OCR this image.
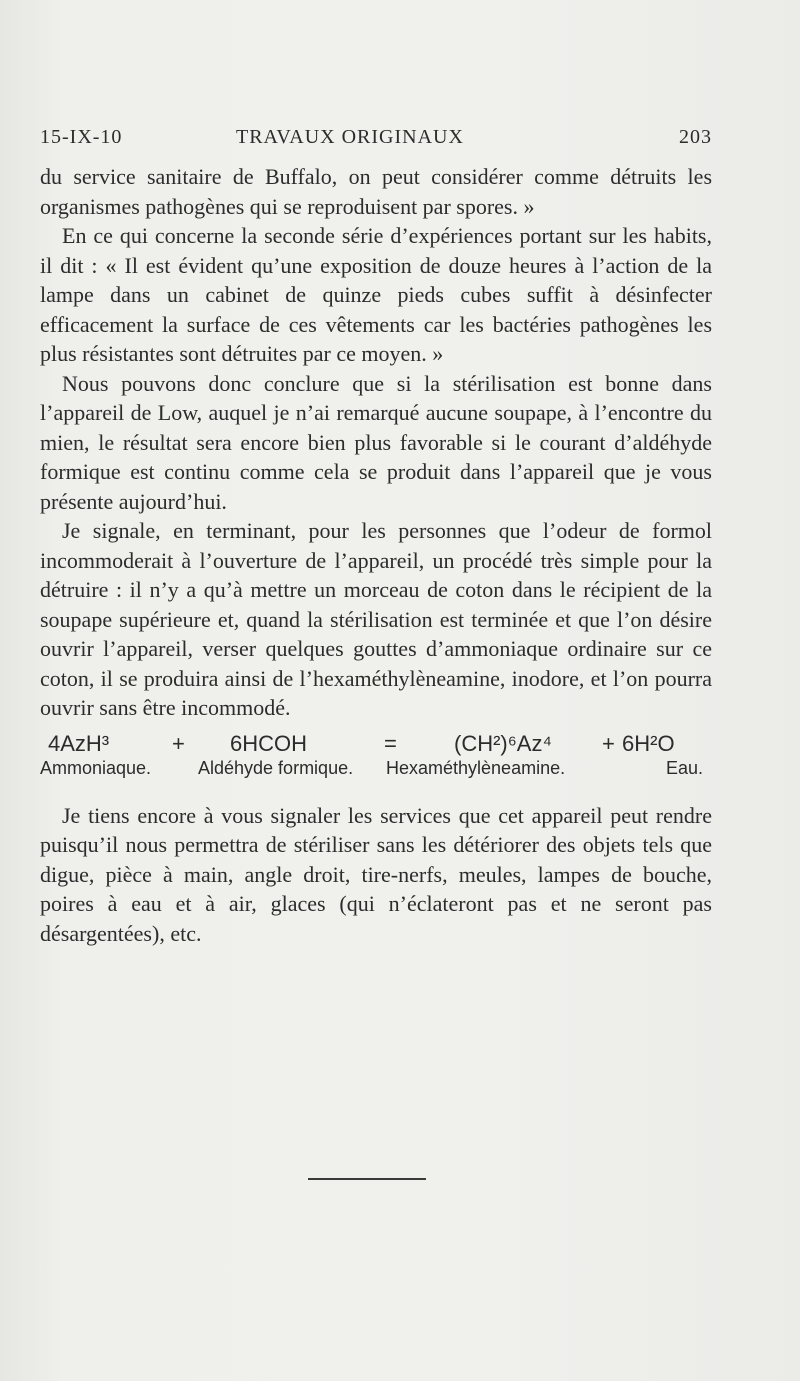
15-IX-10	TRAVAUX ORIGINAUX	203

du service sanitaire de Buffalo, on peut considérer comme détruits les organismes pathogènes qui se reproduisent par spores. »

En ce qui concerne la seconde série d’expériences portant sur les habits, il dit : « Il est évident qu’une exposition de douze heures à l’action de la lampe dans un cabinet de quinze pieds cubes suffit à désinfecter efficacement la surface de ces vêtements car les bactéries pathogènes les plus résistantes sont détruites par ce moyen. »

Nous pouvons donc conclure que si la stérilisation est bonne dans l’appareil de Low, auquel je n’ai remarqué aucune soupape, à l’encontre du mien, le résultat sera encore bien plus favorable si le courant d’aldéhyde formique est continu comme cela se produit dans l’appareil que je vous présente aujourd’hui.

Je signale, en terminant, pour les personnes que l’odeur de formol incommoderait à l’ouverture de l’appareil, un procédé très simple pour la détruire : il n’y a qu’à mettre un morceau de coton dans le récipient de la soupape supérieure et, quand la stérilisation est terminée et que l’on désire ouvrir l’appareil, verser quelques gouttes d’ammoniaque ordinaire sur ce coton, il se produira ainsi de l’hexaméthylèneamine, inodore, et l’on pourra ouvrir sans être incommodé.

4AzH³	+ 6HCOH	=	(CH²)⁶Az⁴ + 6H²O
Ammoniaque.	Aldéhyde formique. Hexaméthylèneamine.	Eau.

Je tiens encore à vous signaler les services que cet appareil peut rendre puisqu’il nous permettra de stériliser sans les détériorer des objets tels que digue, pièce à main, angle droit, tire-nerfs, meules, lampes de bouche, poires à eau et à air, glaces (qui n’éclateront pas et ne seront pas désargentées), etc.
